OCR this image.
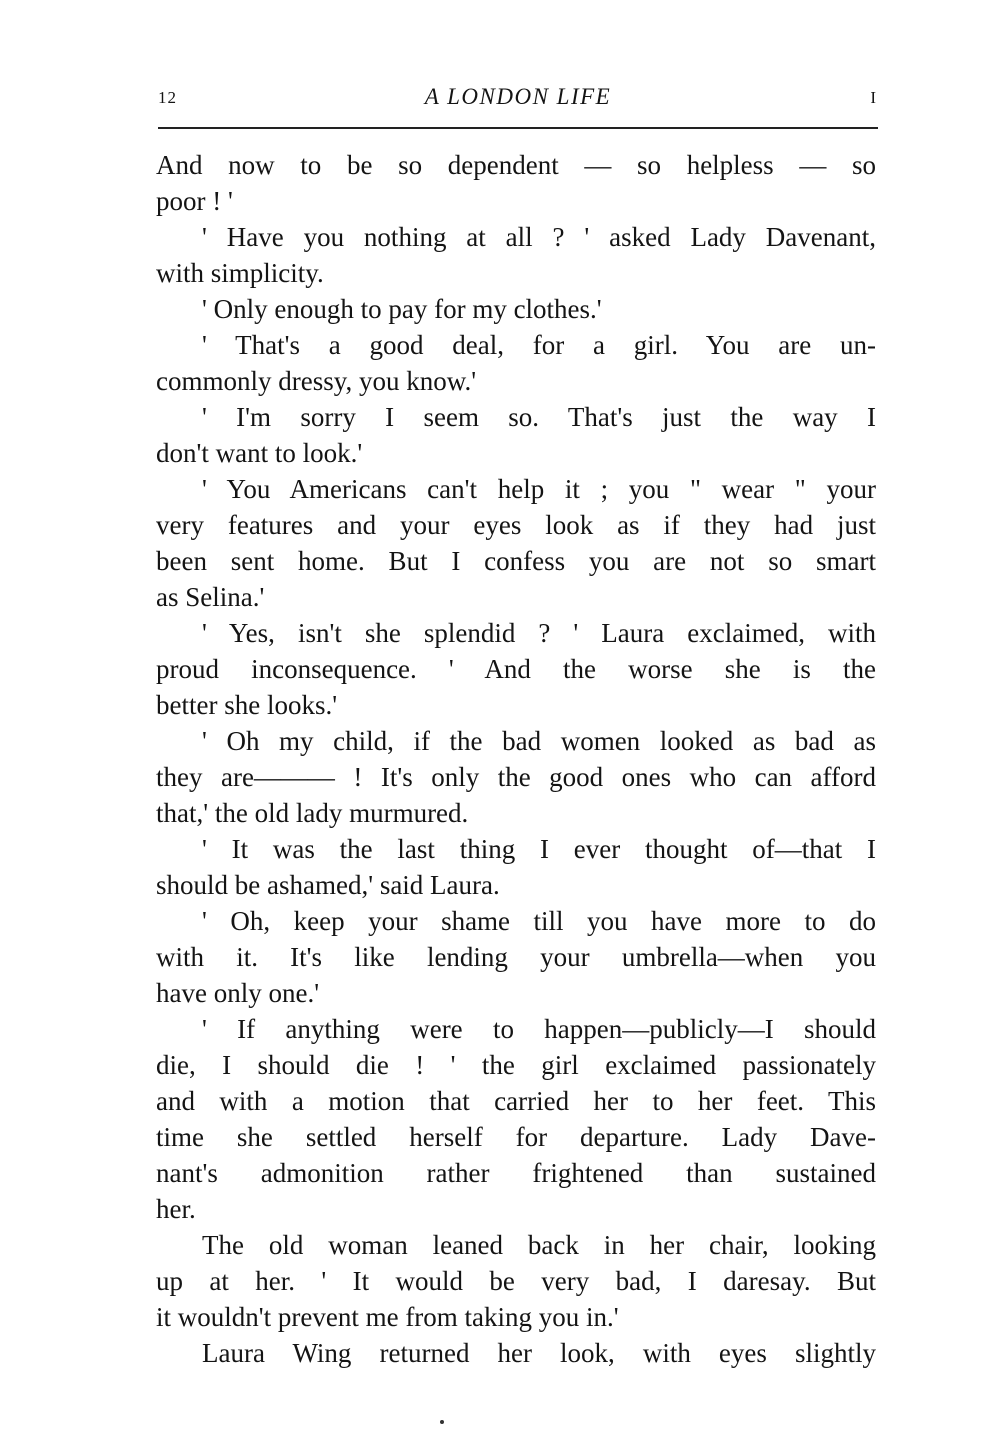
12	A LONDON LIFE	I
And now to be so dependent — so helpless — so
poor ! '
' Have you nothing at all ? ' asked Lady Davenant,
with simplicity.
' Only enough to pay for my clothes.'
' That's a good deal, for a girl. You are un-
commonly dressy, you know.'
' I'm sorry I seem so. That's just the way I
don't want to look.'
' You Americans can't help it ; you " wear " your
very features and your eyes look as if they had just
been sent home. But I confess you are not so smart
as Selina.'
' Yes, isn't she splendid ? ' Laura exclaimed, with
proud inconsequence. ' And the worse she is the
better she looks.'
' Oh my child, if the bad women looked as bad as
they are——— ! It's only the good ones who can afford
that,' the old lady murmured.
' It was the last thing I ever thought of—that I
should be ashamed,' said Laura.
' Oh, keep your shame till you have more to do
with it. It's like lending your umbrella—when you
have only one.'
' If anything were to happen—publicly—I should
die, I should die ! ' the girl exclaimed passionately
and with a motion that carried her to her feet. This
time she settled herself for departure. Lady Dave-
nant's admonition rather frightened than sustained
her.
The old woman leaned back in her chair, looking
up at her. ' It would be very bad, I daresay. But
it wouldn't prevent me from taking you in.'
Laura Wing returned her look, with eyes slightly
